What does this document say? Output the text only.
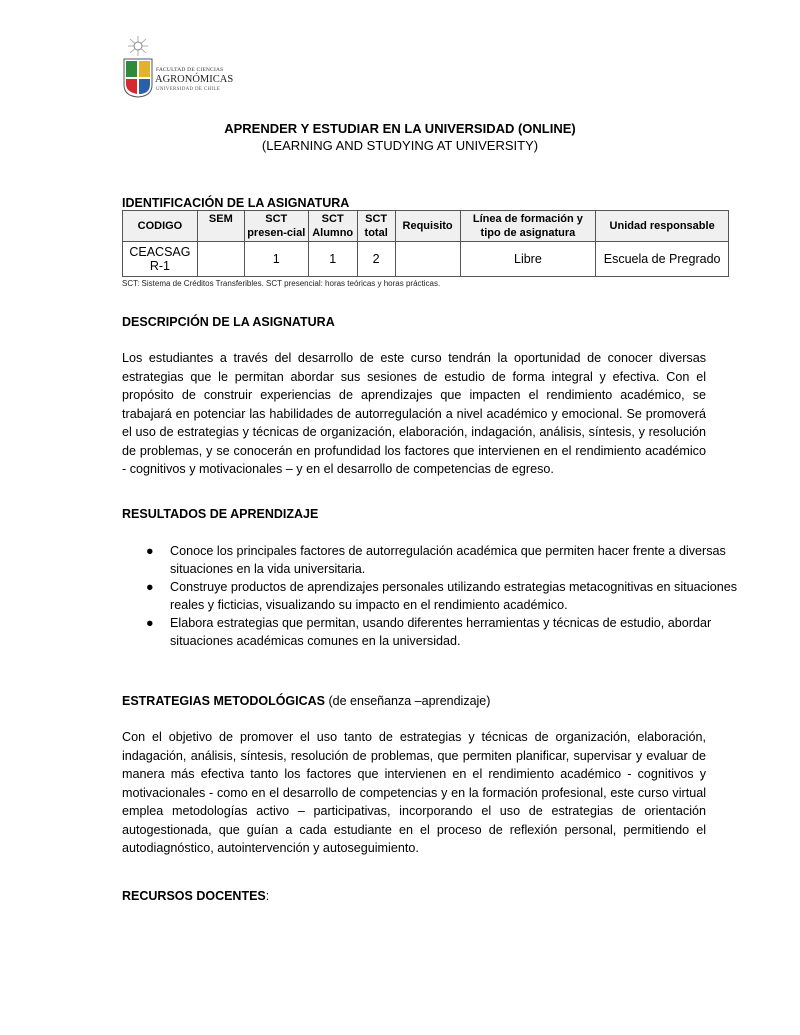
FACULTAD DE CIENCIAS
AGRONÓMICAS
UNIVERSIDAD DE CHILE
APRENDER Y ESTUDIAR EN LA UNIVERSIDAD (ONLINE)
(LEARNING AND STUDYING AT UNIVERSITY)
IDENTIFICACIÓN DE LA ASIGNATURA
CODIGO	SEM	SCT presen-cial	SCT Alumno	SCT total	Requisito	Línea de formación y tipo de asignatura	Unidad responsable
CEACSAGR-1		1	1	2		Libre	Escuela de Pregrado
SCT: Sistema de Créditos Transferibles. SCT presencial: horas teóricas y horas prácticas.
DESCRIPCIÓN DE LA ASIGNATURA
Los estudiantes a través del desarrollo de este curso tendrán la oportunidad de conocer diversas estrategias que le permitan abordar sus sesiones de estudio de forma integral y efectiva. Con el propósito de construir experiencias de aprendizajes que impacten el rendimiento académico, se trabajará en potenciar las habilidades de autorregulación a nivel académico y emocional. Se promoverá el uso de estrategias y técnicas de organización, elaboración, indagación, análisis, síntesis, y resolución de problemas, y se conocerán en profundidad los factores que intervienen en el rendimiento académico - cognitivos y motivacionales – y en el desarrollo de competencias de egreso.
RESULTADOS DE APRENDIZAJE
● Conoce los principales factores de autorregulación académica que permiten hacer frente a diversas situaciones en la vida universitaria.
● Construye productos de aprendizajes personales utilizando estrategias metacognitivas en situaciones reales y ficticias, visualizando su impacto en el rendimiento académico.
● Elabora estrategias que permitan, usando diferentes herramientas y técnicas de estudio, abordar situaciones académicas comunes en la universidad.
ESTRATEGIAS METODOLÓGICAS (de enseñanza –aprendizaje)
Con el objetivo de promover el uso tanto de estrategias y técnicas de organización, elaboración, indagación, análisis, síntesis, resolución de problemas, que permiten planificar, supervisar y evaluar de manera más efectiva tanto los factores que intervienen en el rendimiento académico - cognitivos y motivacionales - como en el desarrollo de competencias y en la formación profesional, este curso virtual emplea metodologías activo – participativas, incorporando el uso de estrategias de orientación autogestionada, que guían a cada estudiante en el proceso de reflexión personal, permitiendo el autodiagnóstico, autointervención y autoseguimiento.
RECURSOS DOCENTES:
